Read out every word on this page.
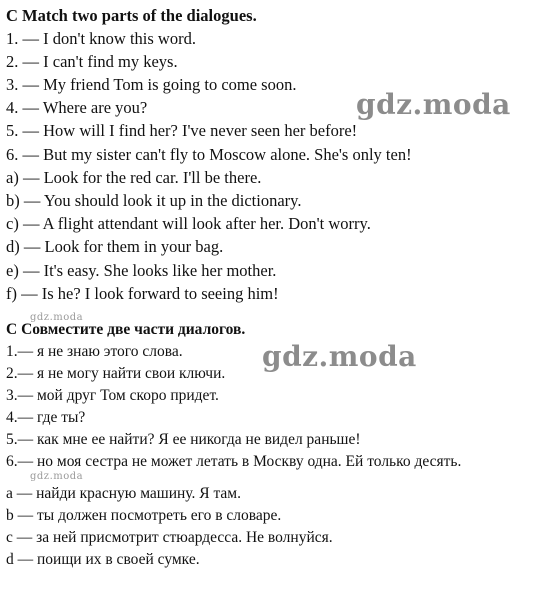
C Match two parts of the dialogues.
1. — I don't know this word.
2. — I can't find my keys.
3. — My friend Tom is going to come soon.
4. — Where are you?
5. — How will I find her? I've never seen her before!
6. — But my sister can't fly to Moscow alone. She's only ten!
a) — Look for the red car. I'll be there.
b) — You should look it up in the dictionary.
c) — A flight attendant will look after her. Don't worry.
d) — Look for them in your bag.
e) — It's easy. She looks like her mother.
f) — Is he? I look forward to seeing him!
C Совместите две части диалогов.
1.— я не знаю этого слова.
2.— я не могу найти свои ключи.
3.— мой друг Том скоро придет.
4.— где ты?
5.— как мне ее найти? Я ее никогда не видел раньше!
6.— но моя сестра не может летать в Москву одна. Ей только десять.
a — найди красную машину. Я там.
b — ты должен посмотреть его в словаре.
c — за ней присмотрит стюардесса. Не волнуйся.
d — поищи их в своей сумке.
gdz.moda
gdz.moda
gdz.moda
gdz.moda
